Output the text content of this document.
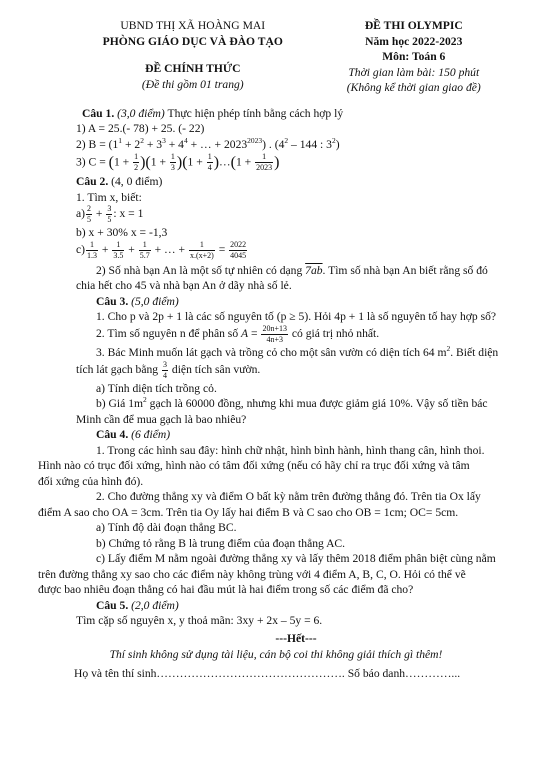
UBND THỊ XÃ HOÀNG MAI
PHÒNG GIÁO DỤC VÀ ĐÀO TẠO
ĐỀ CHÍNH THỨC
(Đề thi gồm 01 trang)
ĐỀ THI OLYMPIC
Năm học 2022-2023
Môn: Toán 6
Thời gian làm bài: 150 phút
(Không kể thời gian giao đề)
Câu 1. (3,0 điểm) Thực hiện phép tính bằng cách hợp lý
1) A = 25.(- 78) + 25. (- 22)
2) $B = (1^1 + 2^2 + 3^3 + 4^4$ + … + $2023^{2023}$) . ($4^2 - 144$ : $3^2$)
3) $C = (1 + \frac{1}{2} )(1 + \frac{1}{3} )(1 + \frac{1}{4}$ )…(1 + $\frac{1}{2023}$ )
Câu 2. (4, 0 điểm)
1. Tìm x, biết:
$a) \frac{2}{5} + \frac{3}{5}$ : x = 1
b) x + 30% x = -1,3
$c) \frac{1}{1.3} + \frac{1}{3.5} + \frac{1}{5.7}$ + … + $\frac{1}{x.(x+2)} = \frac{2022}{4045}$
2) Số nhà bạn An là một số tự nhiên có dạng 7ab. Tìm số nhà bạn An biết rằng số đó
chia hết cho 45 và nhà bạn An ở dãy nhà số lẻ.
Câu 3. (5,0 điểm)
1. Cho p và 2p + 1 là các số nguyên tố (p ≥ 5). Hỏi 4p + 1 là số nguyên tố hay hợp số?
2. Tìm số nguyên n để phân số $A = \frac{20n+13}{4n+3}$ có giá trị nhỏ nhất.
3. Bác Minh muốn lát gạch và trồng cỏ cho một sân vườn có diện tích 64 $m^2$. Biết diện
tích lát gạch bằng $\frac{3}{4}$ diện tích sân vườn.
a) Tính diện tích trồng cỏ.
b) Giá $1m^2$ gạch là 60000 đồng, nhưng khi mua được giảm giá 10%. Vậy số tiền bác
Minh cần để mua gạch là bao nhiêu?
Câu 4. (6 điểm)
1. Trong các hình sau đây: hình chữ nhật, hình bình hành, hình thang cân, hình thoi.
Hình nào có trục đối xứng, hình nào có tâm đối xứng (nếu có hãy chỉ ra trục đối xứng và tâm
đối xứng của hình đó).
2. Cho đường thẳng xy và điểm O bất kỳ nằm trên đường thẳng đó. Trên tia Ox lấy
điểm A sao cho OA = 3cm. Trên tia Oy lấy hai điểm B và C sao cho OB = 1cm; OC= 5cm.
a) Tính độ dài đoạn thẳng BC.
b) Chứng tỏ rằng B là trung điểm của đoạn thẳng AC.
c) Lấy điểm M nằm ngoài đường thẳng xy và lấy thêm 2018 điểm phân biệt cùng nằm
trên đường thẳng xy sao cho các điểm này không trùng với 4 điểm A, B, C, O. Hỏi có thể vẽ
được bao nhiêu đoạn thẳng có hai đầu mút là hai điểm trong số các điểm đã cho?
Câu 5. (2,0 điểm)
Tìm cặp số nguyên x, y thoả mãn: 3xy + 2x – 5y = 6.
---Hết---
Thí sinh không sử dụng tài liệu, cán bộ coi thi không giải thích gì thêm!
Họ và tên thí sinh…………………………………………. Số báo danh…………...
